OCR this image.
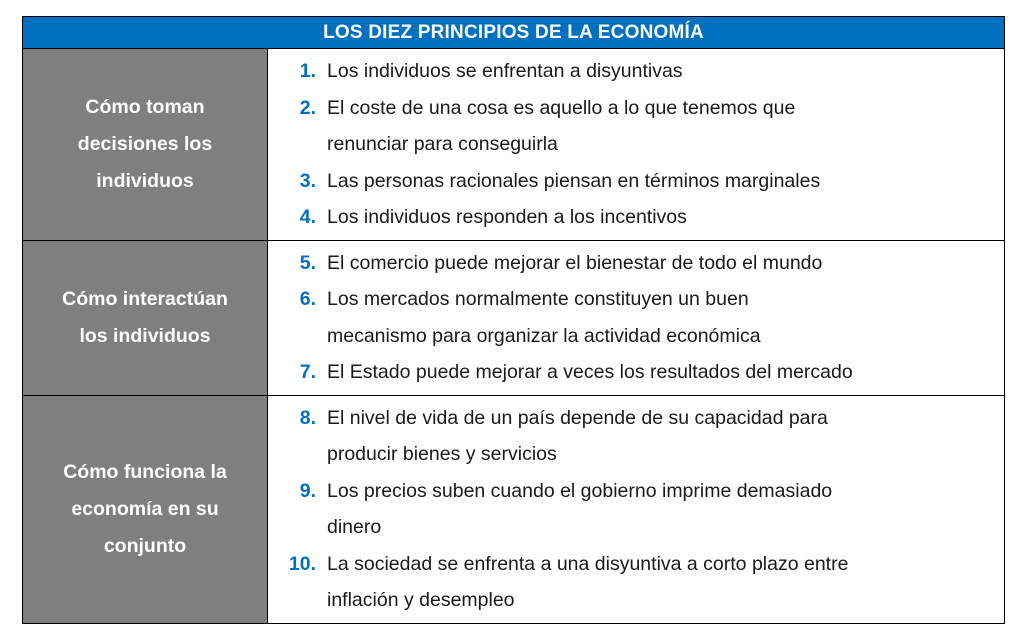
LOS DIEZ PRINCIPIOS DE LA ECONOMÍA
Cómo toman
decisiones los
individuos
1. Los individuos se enfrentan a disyuntivas
2. El coste de una cosa es aquello a lo que tenemos que
renunciar para conseguirla
3. Las personas racionales piensan en términos marginales
4. Los individuos responden a los incentivos
Cómo interactúan
los individuos
5. El comercio puede mejorar el bienestar de todo el mundo
6. Los mercados normalmente constituyen un buen
mecanismo para organizar la actividad económica
7. El Estado puede mejorar a veces los resultados del mercado
Cómo funciona la
economía en su
conjunto
8. El nivel de vida de un país depende de su capacidad para
producir bienes y servicios
9. Los precios suben cuando el gobierno imprime demasiado
dinero
10. La sociedad se enfrenta a una disyuntiva a corto plazo entre
inflación y desempleo
